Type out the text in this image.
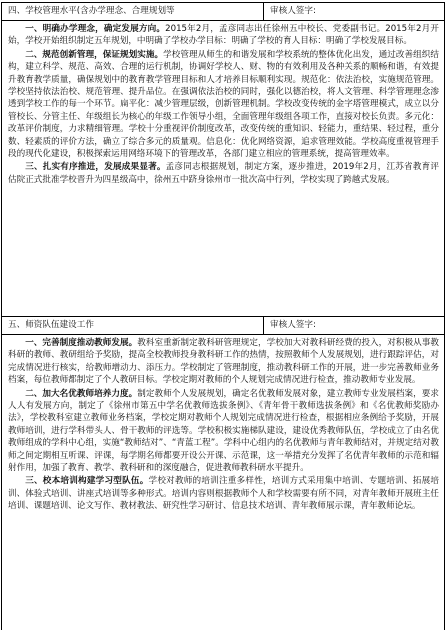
四、学校管理水平(含办学理念、合理规划等	审核人签字:

一、明确办学理念，确定发展方向。2015年2月，孟彦同志出任徐州五中校长、党委副书记。2015年2月开始，学校开始组织制定五年规划，中明确了学校办学目标：明确了学校的育人目标：明确了学校发展目标。

二、规范创新管理，保证规划实施。学校管理从师生的和谐发展和学校系统的整体优化出发，通过改善组织结构，建立科学、规范、高效、合理的运行机制，协调好学校人、财、物的有效利用及各种关系的顺畅和谐，有效提升教育教学质量，确保规划中的教育教学管理目标和人才培养目标顺利实现。规范化：依法治校，实施规范管理。学校坚持依法治校、规范管理、提升品位。在强调依法治校的同时，强化以德治校，将人文管理、科学管理理念渗透到学校工作的每一个环节。扁平化：减少管理层级，创新管理机制。学校改变传统的金字塔管理模式，成立以分管校长、分管主任、年级组长为核心的年级工作领导小组，全面管理年级组各项工作，直接对校长负责。多元化：改革评价制度，力求精细管理。学校十分重视评价制度改革，改变传统的重知识、轻能力，重结果、轻过程，重分数、轻素质的评价方法，确立了综合多元的质量观。信息化：优化网络资源，追求管理效能。学校高度重视管理手段的现代化建设，积极探索运用网络环境下的管理改革，各部门建立相应的管理系统，提高管理效率。

三、扎实有序推进，发展成果显著。孟彦同志根据规划，制定方案，逐步推进，2019年2月，江苏省教育评估院正式批准学校晋升为四星级高中，徐州五中跻身徐州市一批次高中行列，学校实现了跨越式发展。	

五、师资队伍建设工作	审核人签字:

一、完善制度推动教师发展。教科室重新制定教科研管理规定，学校加大对教科研经费的投入，对积极从事教科研的教师、教研组给予奖励，提高全校教师投身教科研工作的热情，按照教师个人发展规划，进行跟踪评估，对完成情况进行核实，给教师增动力、添压力。学校制定了管理制度，推动教科研工作的开展，进一步完善教师业务档案，每位教师都制定了个人教研目标。学校定期对教师的个人规划完成情况进行检查，推动教师专业发展。

二、加大名优教师培养力度。制定教师个人发展规划，确定名优教师发展对象，建立教师专业发展档案，要求人人有发展方向，制定了《徐州市第五中学名优教师选拔条例》、《青年骨干教师选拔条例》和《名优教师奖励办法》，学校教科室建立教师业务档案，学校定期对教师个人规划完成情况进行检查，根据相应条例给予奖励，开展教师培训，进行学科带头人、骨干教师的评选等。学校积极实施梯队建设，建设优秀教师队伍，学校成立了由名优教师组成的学科中心组，实施“教师结对”、“青蓝工程”。学科中心组内的名优教师与青年教师结对，并规定结对教师之间定期相互听课、评课，每学期名师都要开设公开课、示范课，这一举措充分发挥了名优青年教师的示范和辐射作用，加强了教育、教学、教科研和的深度融合，促进教师教科研水平提升。

三、校本培训构建学习型队伍。学校对教师的培训注重多样性，培训方式采用集中培训、专题培训、拓展培训、体验式培训、讲座式培训等多种形式。培训内容则根据教师个人和学校需要有所不同，对青年教师开展班主任培训、课题培训、论文写作、教材教法、研究性学习研讨、信息技术培训、青年教师展示课，青年教师论坛。	
